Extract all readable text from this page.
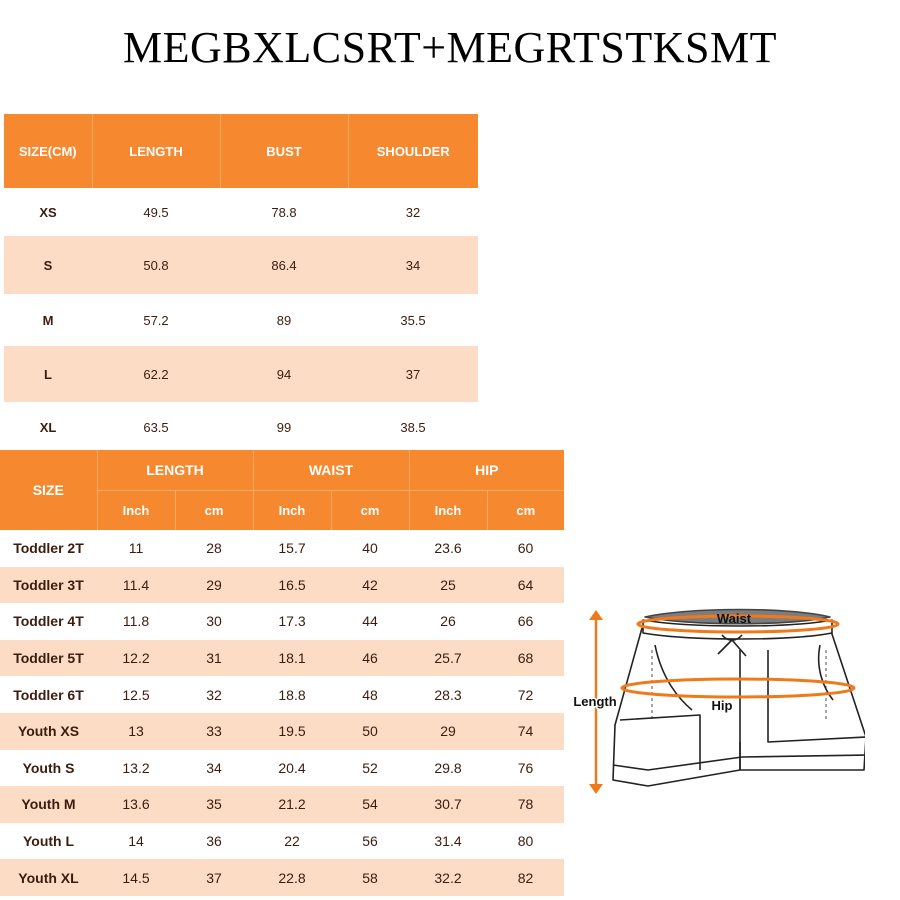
MEGBXLCSRT+MEGRTSTKSMT
SIZE(CM)	LENGTH	BUST	SHOULDER
XS	49.5	78.8	32
S	50.8	86.4	34
M	57.2	89	35.5
L	62.2	94	37
XL	63.5	99	38.5
SIZE	LENGTH		WAIST		HIP	
	Inch	cm	Inch	cm	Inch	cm
Toddler 2T	11	28	15.7	40	23.6	60
Toddler 3T	11.4	29	16.5	42	25	64
Toddler 4T	11.8	30	17.3	44	26	66
Toddler 5T	12.2	31	18.1	46	25.7	68
Toddler 6T	12.5	32	18.8	48	28.3	72
Youth XS	13	33	19.5	50	29	74
Youth S	13.2	34	20.4	52	29.8	76
Youth M	13.6	35	21.2	54	30.7	78
Youth L	14	36	22	56	31.4	80
Youth XL	14.5	37	22.8	58	32.2	82
Waist
Hip
Length
